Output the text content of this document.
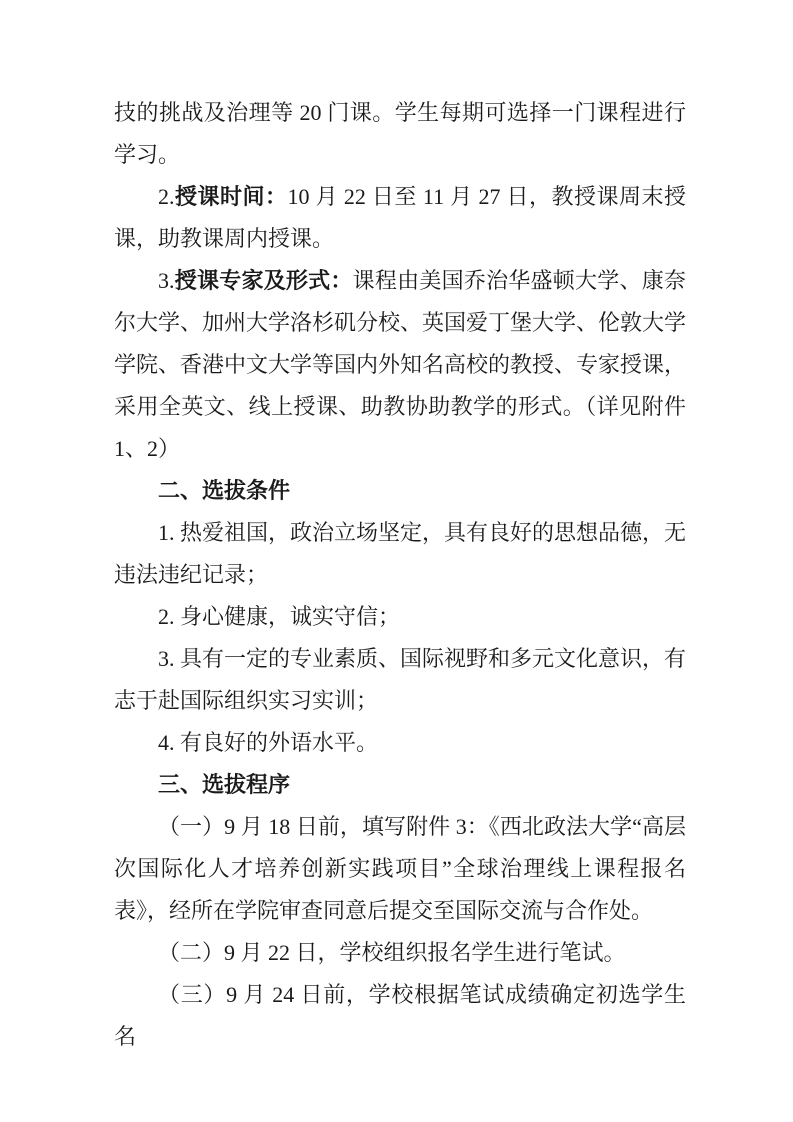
技的挑战及治理等 20 门课。学生每期可选择一门课程进行学习。

2.授课时间：10 月 22 日至 11 月 27 日，教授课周末授课，助教课周内授课。

3.授课专家及形式：课程由美国乔治华盛顿大学、康奈尔大学、加州大学洛杉矶分校、英国爱丁堡大学、伦敦大学学院、香港中文大学等国内外知名高校的教授、专家授课，采用全英文、线上授课、助教协助教学的形式。（详见附件 1、2）

二、选拔条件

1. 热爱祖国，政治立场坚定，具有良好的思想品德，无违法违纪记录；

2. 身心健康，诚实守信；

3. 具有一定的专业素质、国际视野和多元文化意识，有志于赴国际组织实习实训；

4. 有良好的外语水平。

三、选拔程序

（一）9 月 18 日前，填写附件 3：《西北政法大学“高层次国际化人才培养创新实践项目”全球治理线上课程报名表》，经所在学院审查同意后提交至国际交流与合作处。

（二）9 月 22 日，学校组织报名学生进行笔试。

（三）9 月 24 日前，学校根据笔试成绩确定初选学生名
